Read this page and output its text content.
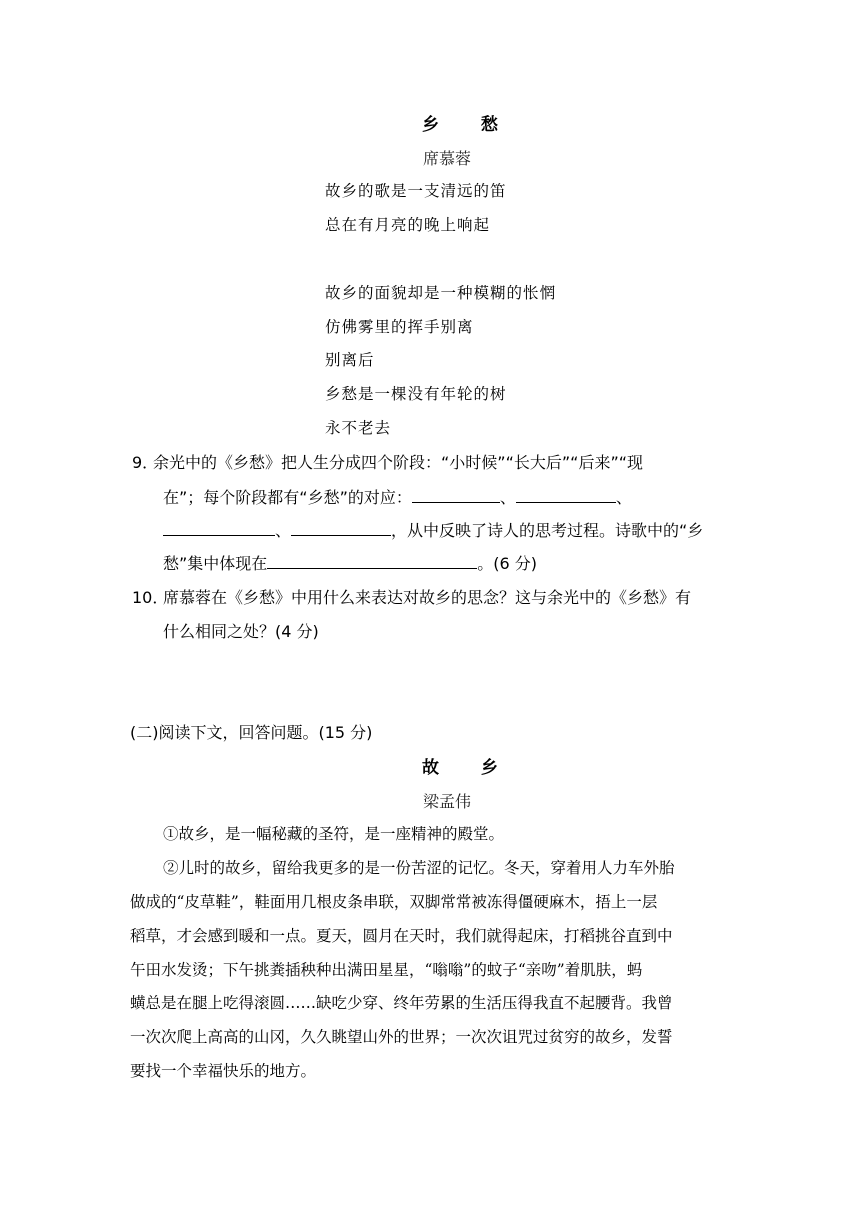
乡 愁
席慕蓉
故乡的歌是一支清远的笛
总在有月亮的晚上响起
故乡的面貌却是一种模糊的怅惘
仿佛雾里的挥手别离
别离后
乡愁是一棵没有年轮的树
永不老去
9．
余光中的《乡愁》把人生分成四个阶段：“小时候”“长大后”“后来”“现
在”；每个阶段都有“乡愁”的对应：	、	、
、	，从中反映了诗人的思考过程。诗歌中的“乡
愁”集中体现在	。(6 分)
10．
席慕蓉在《乡愁》中用什么来表达对故乡的思念？这与余光中的《乡愁》有
什么相同之处？(4 分)
(二)阅读下文，回答问题。(15 分)
故 乡
梁孟伟
①故乡，是一幅秘藏的圣符，是一座精神的殿堂。
②儿时的故乡，留给我更多的是一份苦涩的记忆。冬天，穿着用人力车外胎
做成的“皮草鞋”，鞋面用几根皮条串联，双脚常常被冻得僵硬麻木，捂上一层
稻草，才会感到暖和一点。夏天，圆月在天时，我们就得起床，打稻挑谷直到中
午田水发烫；下午挑粪插秧种出满田星星，“嗡嗡”的蚊子“亲吻”着肌肤，蚂
蟥总是在腿上吃得滚圆……缺吃少穿、终年劳累的生活压得我直不起腰背。我曾
一次次爬上高高的山冈，久久眺望山外的世界；一次次诅咒过贫穷的故乡，发誓
要找一个幸福快乐的地方。
